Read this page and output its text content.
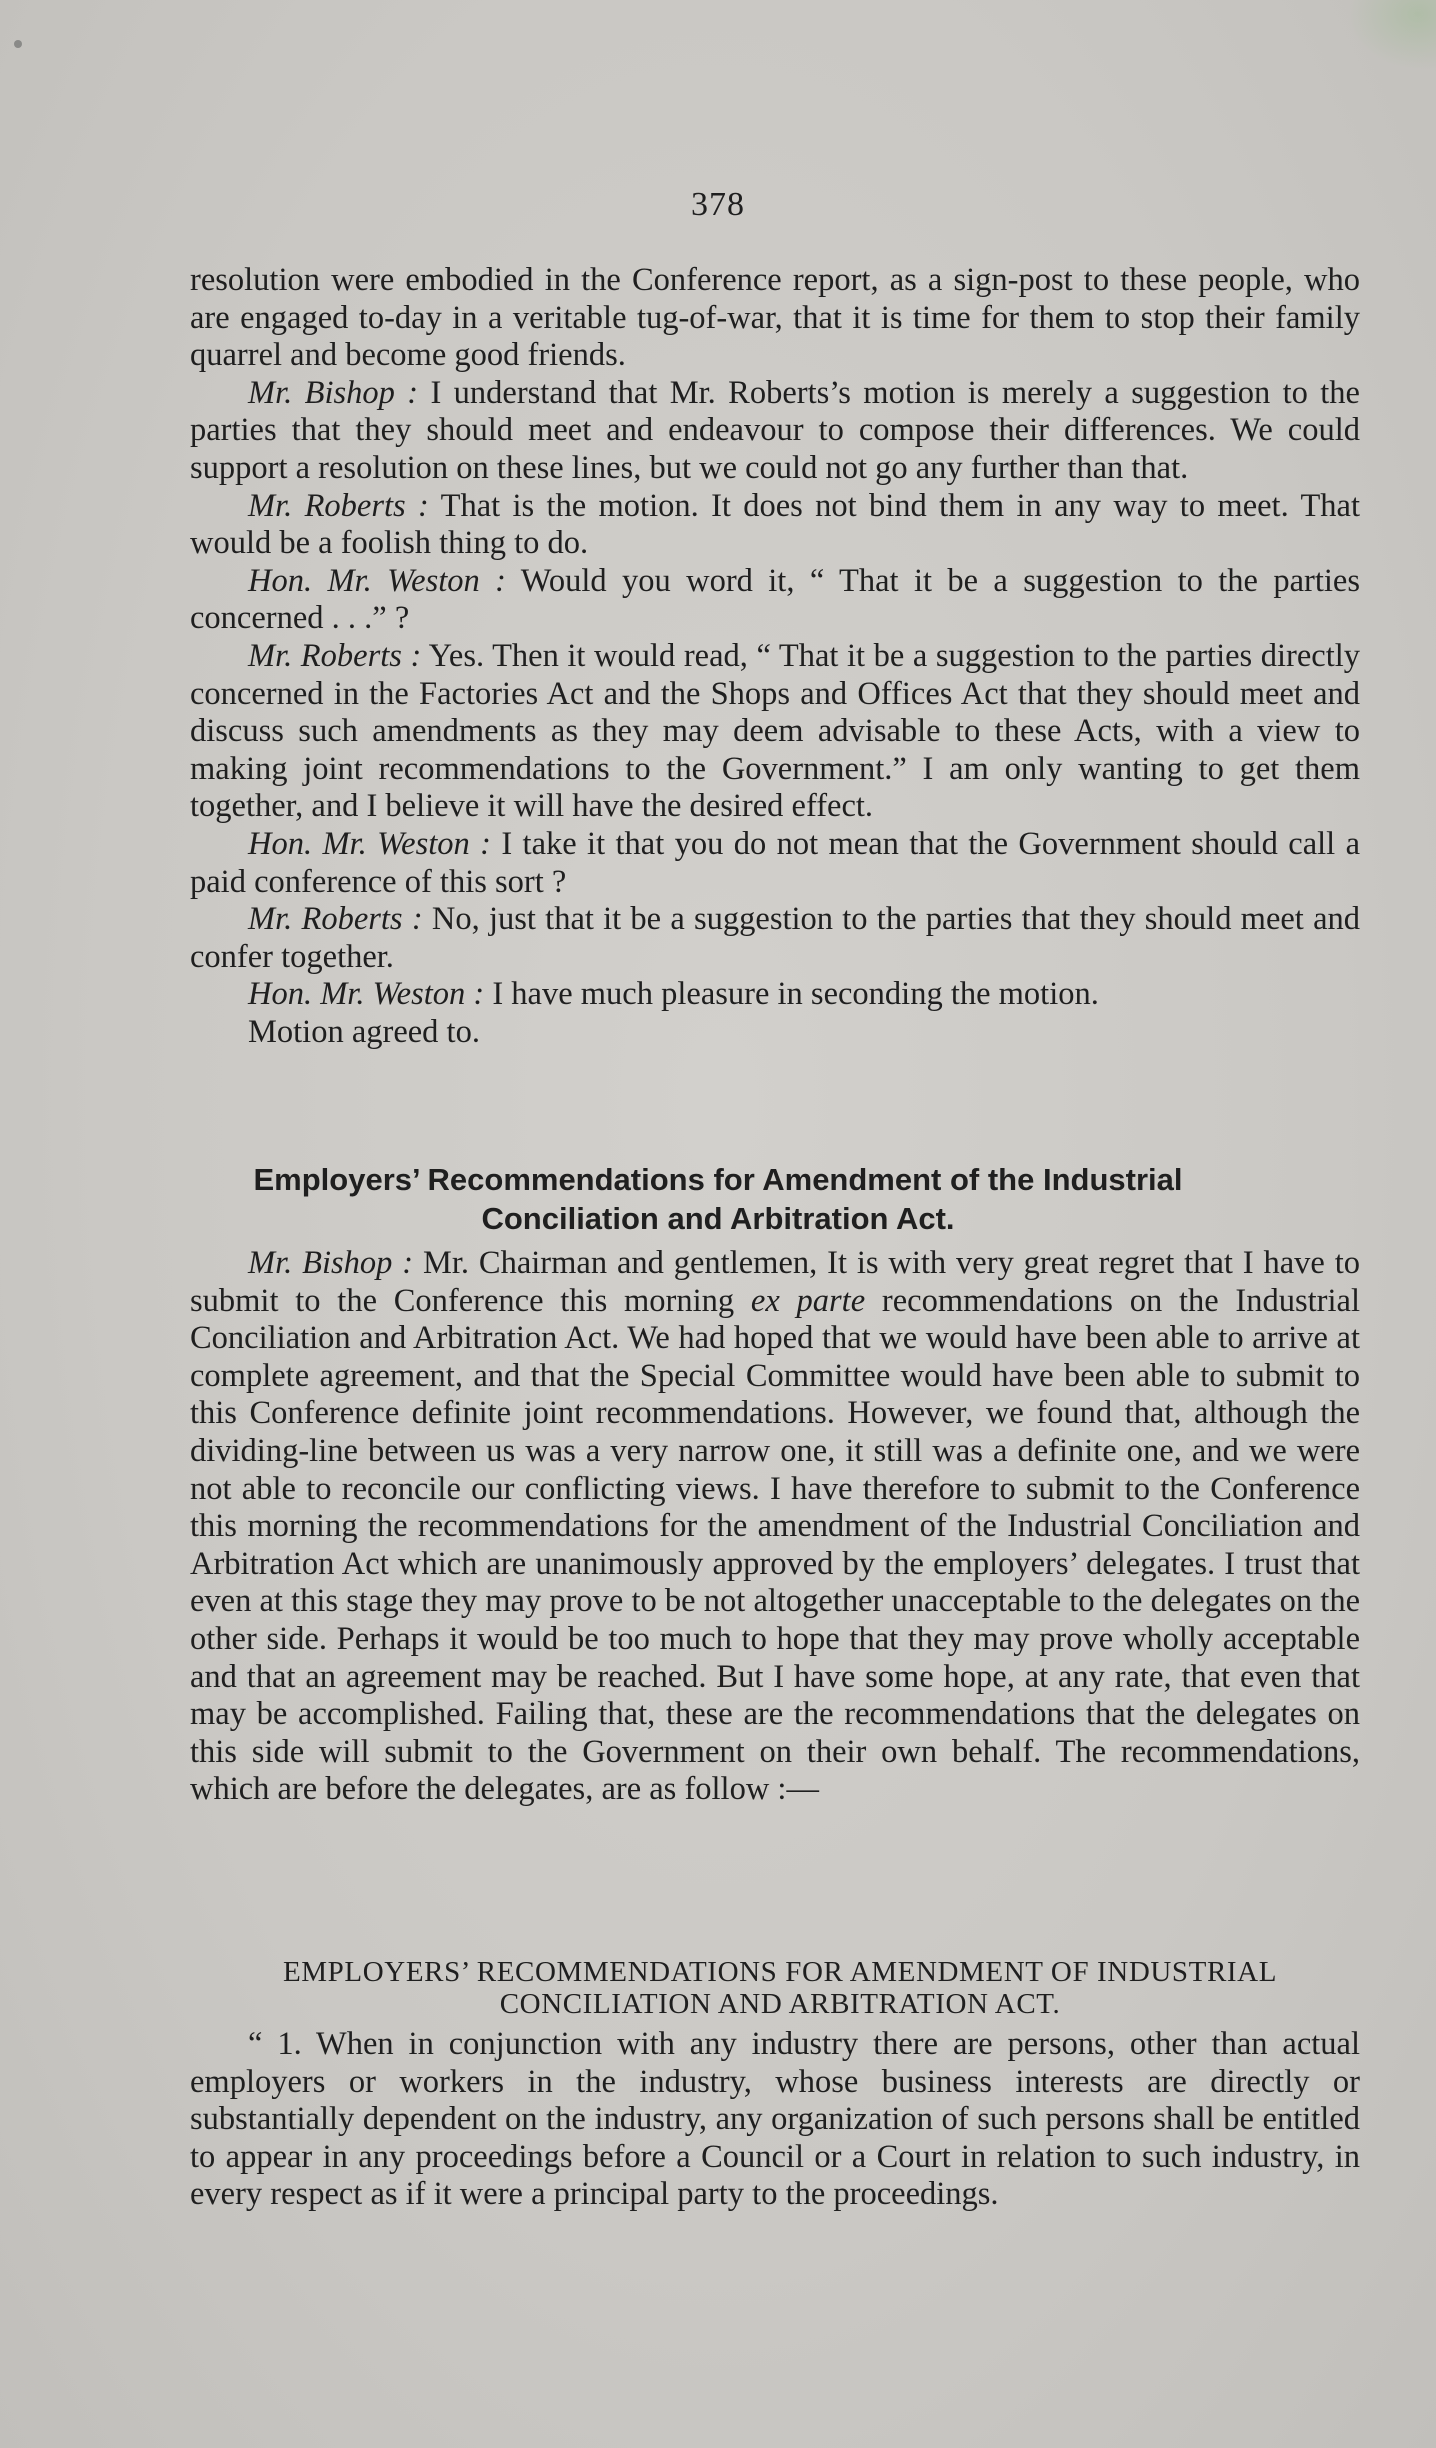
378

resolution were embodied in the Conference report, as a sign-post to these people, who are engaged to-day in a veritable tug-of-war, that it is time for them to stop their family quarrel and become good friends.

Mr. Bishop : I understand that Mr. Roberts’s motion is merely a suggestion to the parties that they should meet and endeavour to compose their differences. We could support a resolution on these lines, but we could not go any further than that.

Mr. Roberts : That is the motion. It does not bind them in any way to meet. That would be a foolish thing to do.

Hon. Mr. Weston : Would you word it, “ That it be a suggestion to the parties concerned . . .” ?

Mr. Roberts : Yes. Then it would read, “ That it be a suggestion to the parties directly concerned in the Factories Act and the Shops and Offices Act that they should meet and discuss such amendments as they may deem advisable to these Acts, with a view to making joint recommendations to the Government.” I am only wanting to get them together, and I believe it will have the desired effect.

Hon. Mr. Weston : I take it that you do not mean that the Government should call a paid conference of this sort ?

Mr. Roberts : No, just that it be a suggestion to the parties that they should meet and confer together.

Hon. Mr. Weston : I have much pleasure in seconding the motion.

Motion agreed to.

Employers’ Recommendations for Amendment of the Industrial
Conciliation and Arbitration Act.

Mr. Bishop : Mr. Chairman and gentlemen, It is with very great regret that I have to submit to the Conference this morning ex parte recommendations on the Industrial Conciliation and Arbitration Act. We had hoped that we would have been able to arrive at complete agreement, and that the Special Committee would have been able to submit to this Conference definite joint recommendations. However, we found that, although the dividing-line between us was a very narrow one, it still was a definite one, and we were not able to reconcile our conflicting views. I have therefore to submit to the Conference this morning the recommendations for the amendment of the Industrial Conciliation and Arbitration Act which are unanimously approved by the employers’ delegates. I trust that even at this stage they may prove to be not altogether unacceptable to the delegates on the other side. Perhaps it would be too much to hope that they may prove wholly acceptable and that an agreement may be reached. But I have some hope, at any rate, that even that may be accomplished. Failing that, these are the recommendations that the delegates on this side will submit to the Government on their own behalf. The recommendations, which are before the delegates, are as follow :—

EMPLOYERS’ RECOMMENDATIONS FOR AMENDMENT OF INDUSTRIAL
CONCILIATION AND ARBITRATION ACT.

“ 1. When in conjunction with any industry there are persons, other than actual employers or workers in the industry, whose business interests are directly or substantially dependent on the industry, any organization of such persons shall be entitled to appear in any proceedings before a Council or a Court in relation to such industry, in every respect as if it were a principal party to the proceedings.
